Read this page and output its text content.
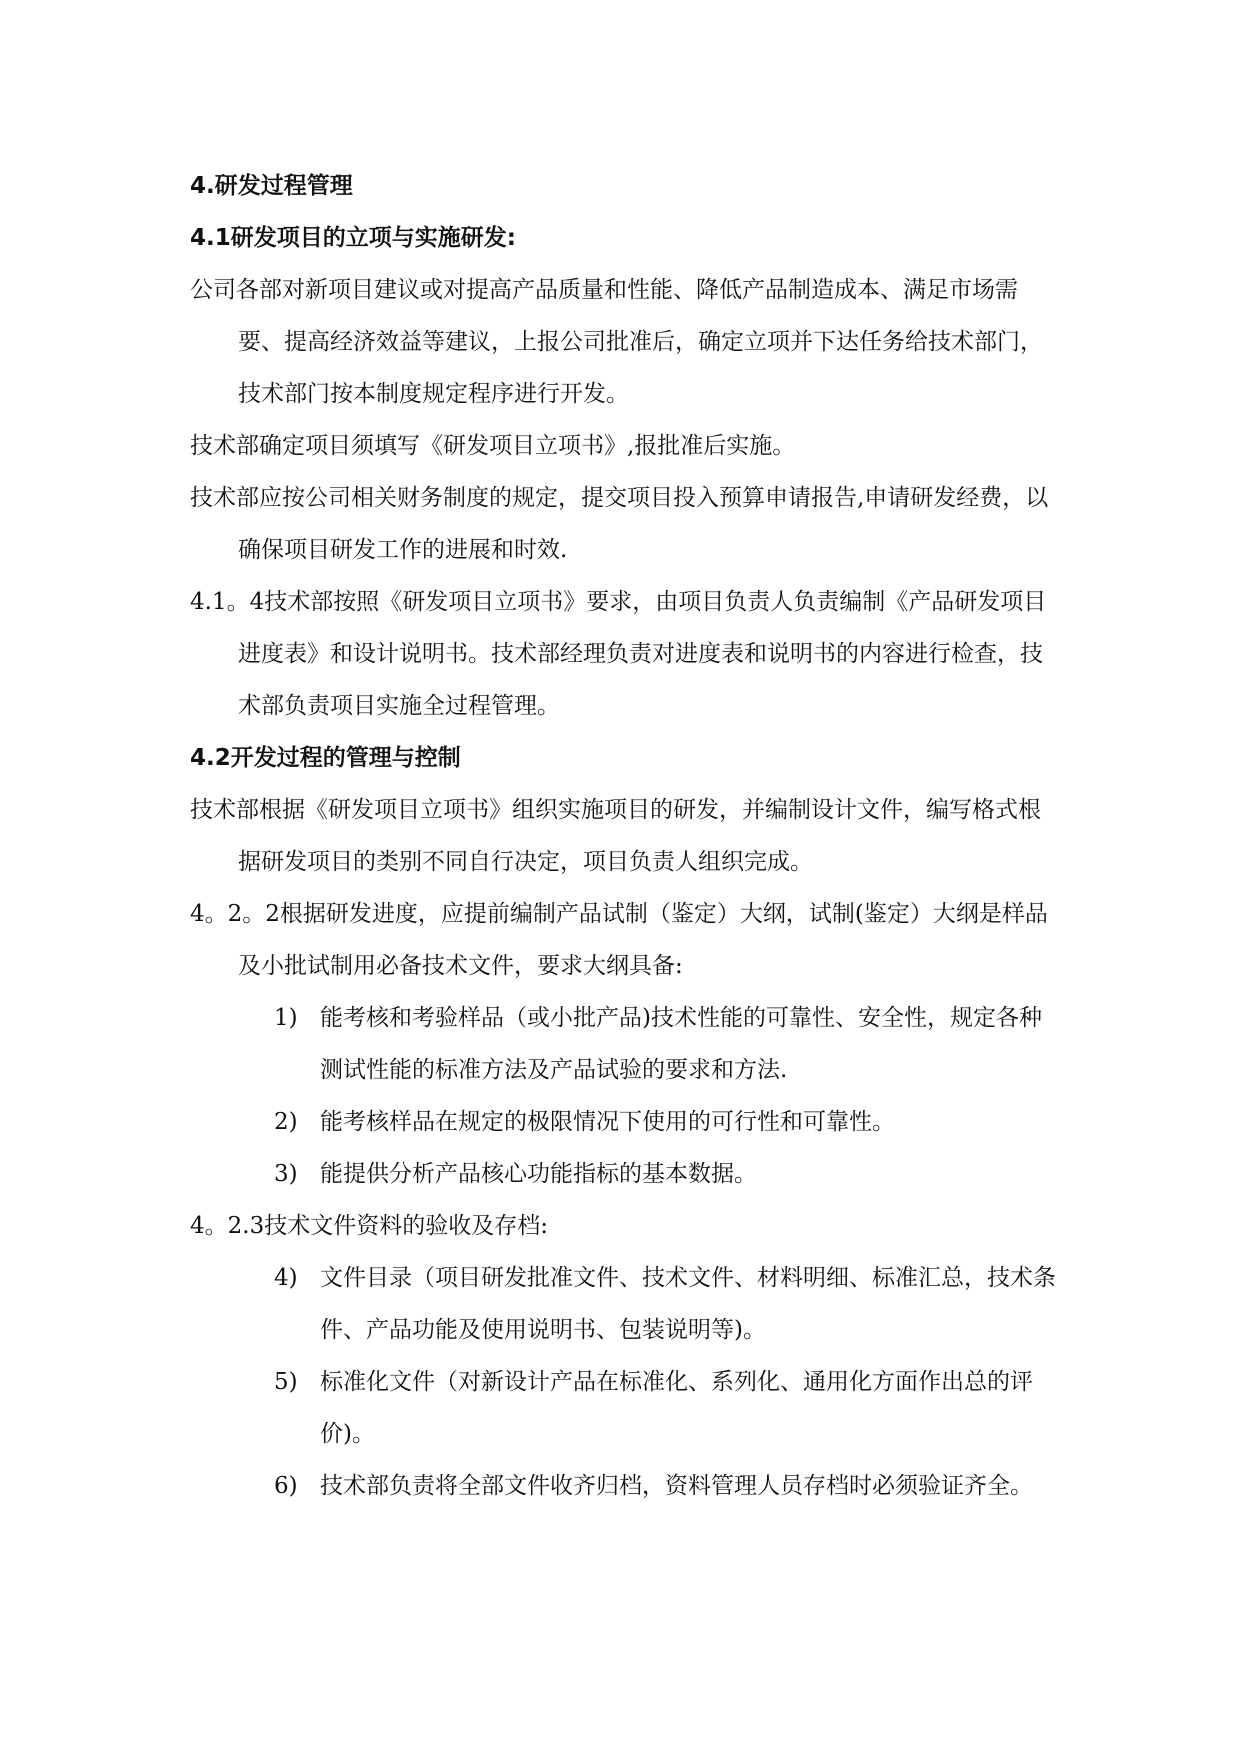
4.研发过程管理
4.1研发项目的立项与实施研发:

公司各部对新项目建议或对提高产品质量和性能、降低产品制造成本、满足市场需要、提高经济效益等建议，上报公司批准后，确定立项并下达任务给技术部门，技术部门按本制度规定程序进行开发。

技术部确定项目须填写《研发项目立项书》,报批准后实施。

技术部应按公司相关财务制度的规定，提交项目投入预算申请报告,申请研发经费，以确保项目研发工作的进展和时效.

4.1。4技术部按照《研发项目立项书》要求，由项目负责人负责编制《产品研发项目进度表》和设计说明书。技术部经理负责对进度表和说明书的内容进行检查，技术部负责项目实施全过程管理。

4.2开发过程的管理与控制

技术部根据《研发项目立项书》组织实施项目的研发，并编制设计文件，编写格式根据研发项目的类别不同自行决定，项目负责人组织完成。

4。2。2根据研发进度，应提前编制产品试制（鉴定）大纲，试制(鉴定）大纲是样品及小批试制用必备技术文件，要求大纲具备:

1) 能考核和考验样品（或小批产品)技术性能的可靠性、安全性，规定各种测试性能的标准方法及产品试验的要求和方法.
2) 能考核样品在规定的极限情况下使用的可行性和可靠性。
3) 能提供分析产品核心功能指标的基本数据。

4。2.3技术文件资料的验收及存档:

4) 文件目录（项目研发批准文件、技术文件、材料明细、标准汇总，技术条件、产品功能及使用说明书、包装说明等)。
5) 标准化文件（对新设计产品在标准化、系列化、通用化方面作出总的评价)。
6) 技术部负责将全部文件收齐归档，资料管理人员存档时必须验证齐全。
